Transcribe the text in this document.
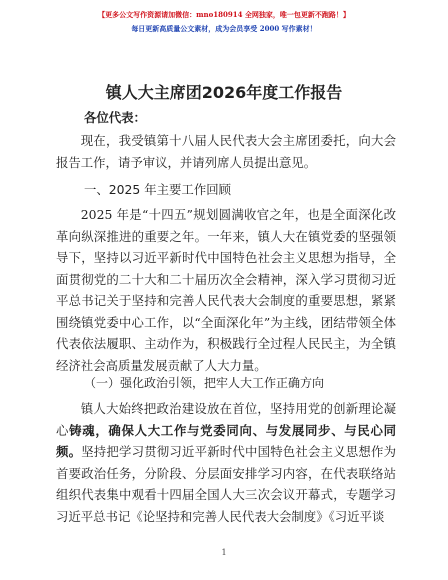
【更多公文写作资源请加微信：mno180914 全网独家，唯一包更新不跑路！】
每日更新高质量公文素材，成为会员享受 2000 写作素材！
镇人大主席团2026年度工作报告
各位代表：

现在，我受镇第十八届人民代表大会主席团委托，向大会报告工作，请予审议，并请列席人员提出意见。

一、2025 年主要工作回顾

2025 年是“十四五”规划圆满收官之年，也是全面深化改革向纵深推进的重要之年。一年来，镇人大在镇党委的坚强领导下，坚持以习近平新时代中国特色社会主义思想为指导，全面贯彻党的二十大和二十届历次全会精神，深入学习贯彻习近平总书记关于坚持和完善人民代表大会制度的重要思想，紧紧围绕镇党委中心工作，以“全面深化年”为主线，团结带领全体代表依法履职、主动作为，积极践行全过程人民民主，为全镇经济社会高质量发展贡献了人大力量。

（一）强化政治引领，把牢人大工作正确方向

镇人大始终把政治建设放在首位，坚持用党的创新理论凝心铸魂，确保人大工作与党委同向、与发展同步、与民心同频。坚持把学习贯彻习近平新时代中国特色社会主义思想作为首要政治任务，分阶段、分层面安排学习内容，在代表联络站组织代表集中观看十四届全国人大三次会议开幕式，专题学习习近平总书记《论坚持和完善人民代表大会制度》《习近平谈

1
